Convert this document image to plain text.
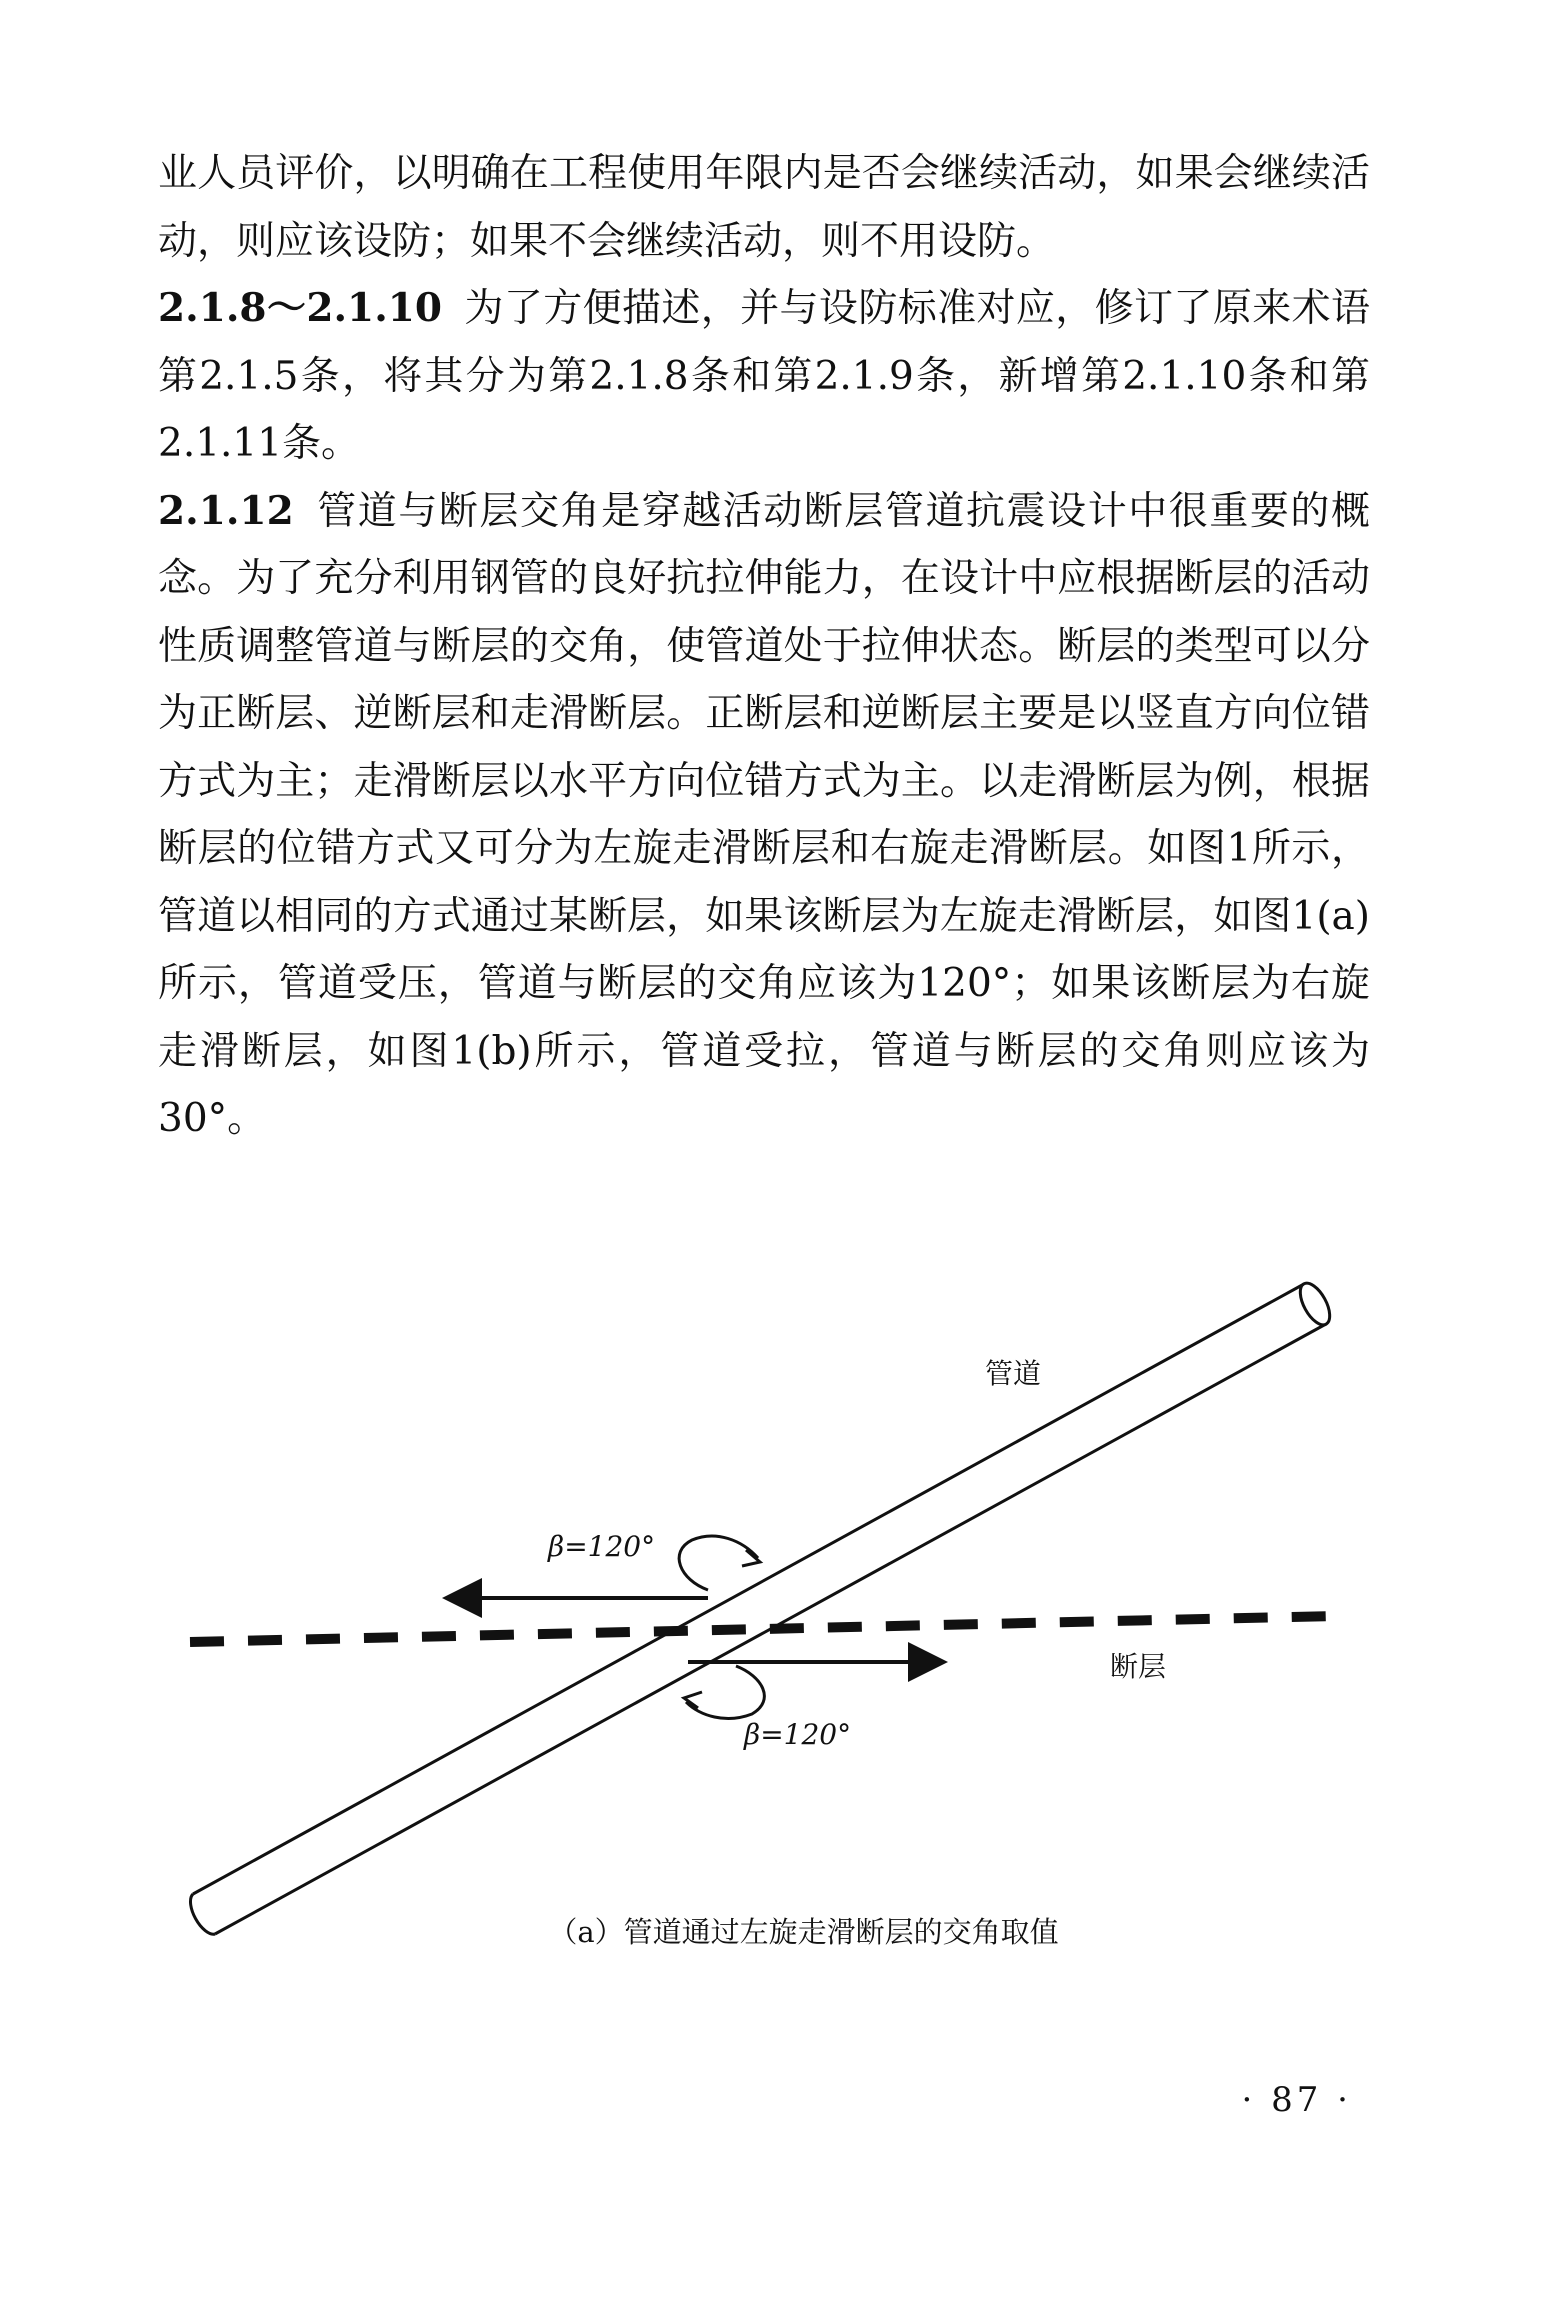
业人员评价，以明确在工程使用年限内是否会继续活动，如果会继续活动，则应该设防；如果不会继续活动，则不用设防。

2.1.8～2.1.10 为了方便描述，并与设防标准对应，修订了原来术语第2.1.5条，将其分为第2.1.8条和第2.1.9条，新增第2.1.10条和第2.1.11条。

2.1.12 管道与断层交角是穿越活动断层管道抗震设计中很重要的概念。为了充分利用钢管的良好抗拉伸能力，在设计中应根据断层的活动性质调整管道与断层的交角，使管道处于拉伸状态。断层的类型可以分为正断层、逆断层和走滑断层。正断层和逆断层主要是以竖直方向位错方式为主；走滑断层以水平方向位错方式为主。以走滑断层为例，根据断层的位错方式又可分为左旋走滑断层和右旋走滑断层。如图1所示，管道以相同的方式通过某断层，如果该断层为左旋走滑断层，如图1(a)所示，管道受压，管道与断层的交角应该为120°；如果该断层为右旋走滑断层，如图1(b)所示，管道受拉，管道与断层的交角则应该为30°。

管道
断层
β=120°
β=120°
（a）管道通过左旋走滑断层的交角取值
· 87 ·
